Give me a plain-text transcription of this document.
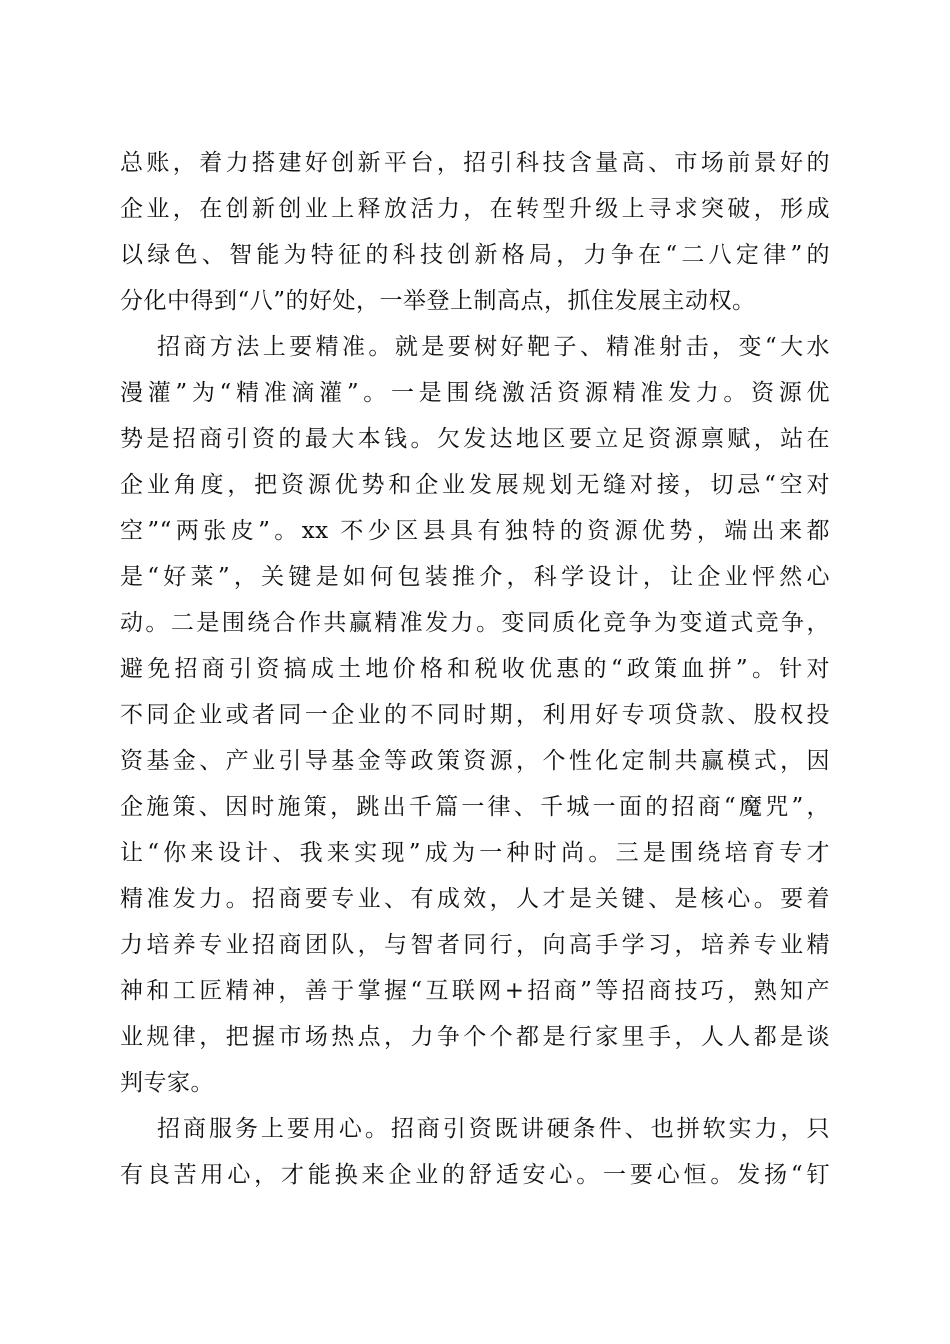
总账，着力搭建好创新平台，招引科技含量高、市场前景好的
企业，在创新创业上释放活力，在转型升级上寻求突破，形成
以绿色、智能为特征的科技创新格局，力争在“二八定律”的
分化中得到“八”的好处，一举登上制高点，抓住发展主动权。
招商方法上要精准。就是要树好靶子、精准射击，变“大水
漫灌”为“精准滴灌”。一是围绕激活资源精准发力。资源优
势是招商引资的最大本钱。欠发达地区要立足资源禀赋，站在
企业角度，把资源优势和企业发展规划无缝对接，切忌“空对
空”“两张皮”。xx 不少区县具有独特的资源优势，端出来都
是“好菜”，关键是如何包装推介，科学设计，让企业怦然心
动。二是围绕合作共赢精准发力。变同质化竞争为变道式竞争，
避免招商引资搞成土地价格和税收优惠的“政策血拼”。针对
不同企业或者同一企业的不同时期，利用好专项贷款、股权投
资基金、产业引导基金等政策资源，个性化定制共赢模式，因
企施策、因时施策，跳出千篇一律、千城一面的招商“魔咒”，
让“你来设计、我来实现”成为一种时尚。三是围绕培育专才
精准发力。招商要专业、有成效，人才是关键、是核心。要着
力培养专业招商团队，与智者同行，向高手学习，培养专业精
神和工匠精神，善于掌握“互联网+招商”等招商技巧，熟知产
业规律，把握市场热点，力争个个都是行家里手，人人都是谈
判专家。
招商服务上要用心。招商引资既讲硬条件、也拼软实力，只
有良苦用心，才能换来企业的舒适安心。一要心恒。发扬“钉
